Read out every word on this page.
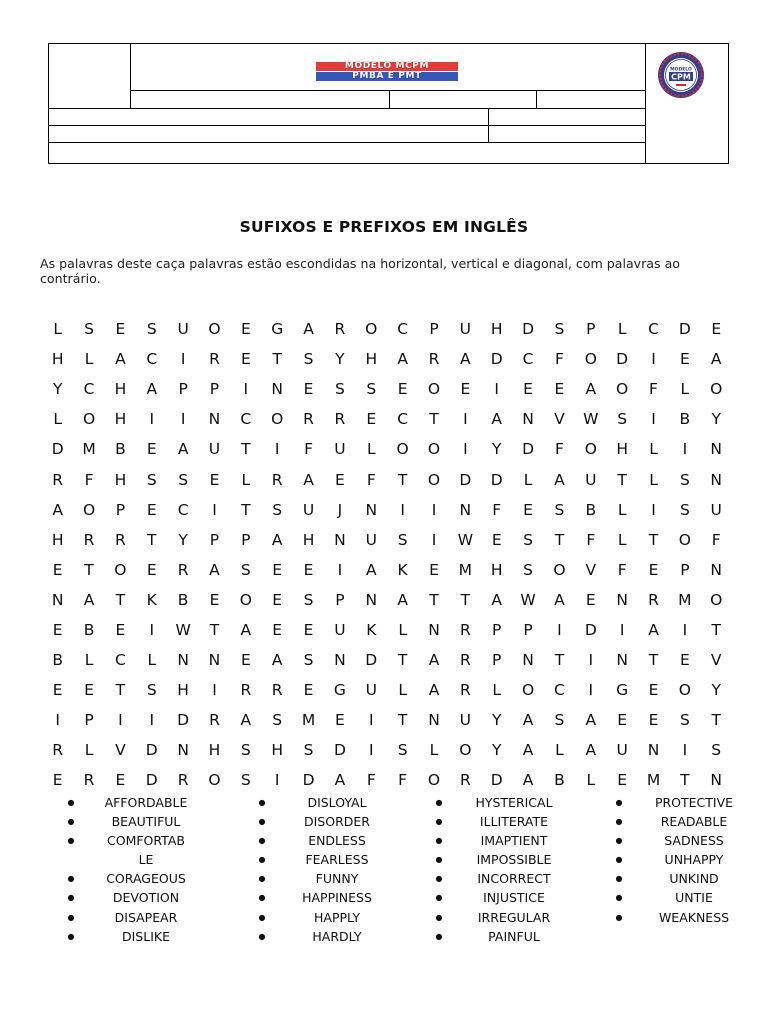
MODELO MCPM
PMBA E PMT
MODELO
CPM
SUFIXOS E PREFIXOS EM INGLÊS
As palavras deste caça palavras estão escondidas na horizontal, vertical e diagonal, com palavras ao contrário.
L	S	E	S	U	O	E	G	A	R	O	C	P	U	H	D	S	P	L	C	D	E
H	L	A	C	I	R	E	T	S	Y	H	A	R	A	D	C	F	O	D	I	E	A
Y	C	H	A	P	P	I	N	E	S	S	E	O	E	I	E	E	A	O	F	L	O
L	O	H	I	I	N	C	O	R	R	E	C	T	I	A	N	V	W	S	I	B	Y
D	M	B	E	A	U	T	I	F	U	L	O	O	I	Y	D	F	O	H	L	I	N
R	F	H	S	S	E	L	R	A	E	F	T	O	D	D	L	A	U	T	L	S	N
A	O	P	E	C	I	T	S	U	J	N	I	I	N	F	E	S	B	L	I	S	U
H	R	R	T	Y	P	P	A	H	N	U	S	I	W	E	S	T	F	L	T	O	F
E	T	O	E	R	A	S	E	E	I	A	K	E	M	H	S	O	V	F	E	P	N
N	A	T	K	B	E	O	E	S	P	N	A	T	T	A	W	A	E	N	R	M	O
E	B	E	I	W	T	A	E	E	U	K	L	N	R	P	P	I	D	I	A	I	T
B	L	C	L	N	N	E	A	S	N	D	T	A	R	P	N	T	I	N	T	E	V
E	E	T	S	H	I	R	R	E	G	U	L	A	R	L	O	C	I	G	E	O	Y
I	P	I	I	D	R	A	S	M	E	I	T	N	U	Y	A	S	A	E	E	S	T
R	L	V	D	N	H	S	H	S	D	I	S	L	O	Y	A	L	A	U	N	I	S
E	R	E	D	R	O	S	I	D	A	F	F	O	R	D	A	B	L	E	M	T	N
●	AFFORDABLE
●	BEAUTIFUL
●	COMFORTAB
LE
●	CORAGEOUS
●	DEVOTION
●	DISAPEAR
●	DISLIKE
●	DISLOYAL
●	DISORDER
●	ENDLESS
●	FEARLESS
●	FUNNY
●	HAPPINESS
●	HAPPLY
●	HARDLY
●	HYSTERICAL
●	ILLITERATE
●	IMAPTIENT
●	IMPOSSIBLE
●	INCORRECT
●	INJUSTICE
●	IRREGULAR
●	PAINFUL
●	PROTECTIVE
●	READABLE
●	SADNESS
●	UNHAPPY
●	UNKIND
●	UNTIE
●	WEAKNESS
